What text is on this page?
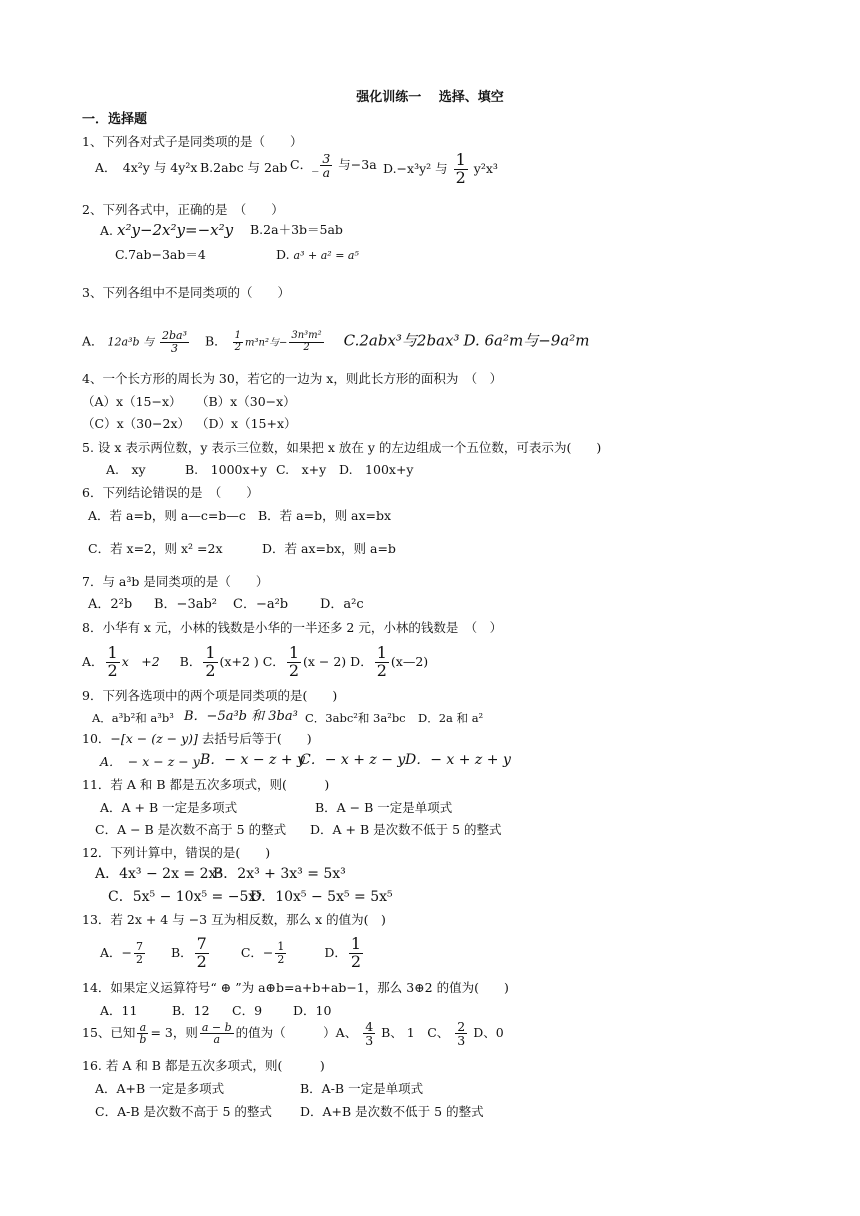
强化训练一　 选择、填空
一．选择题
1、下列各对式子是同类项的是（　　）
A．　4x²y 与 4y²x B.2abc 与 2ab C．_ $\frac{3}{a}$ 与−3a D.−x³y² 与 $\frac{1}{2} y^2x^3$
2、下列各式中，正确的是　（　　）
A. x²y−2x²y=−x²y B.2a＋3b＝5ab
C.7ab−3ab＝4	D. a³ + a² = a⁵
3、下列各组中不是同类项的（　　）
A． 12a³b 与 $\frac{\text{2ba³}}{3}$ B． $\frac{1}{2} m^3n^2$与− $\frac{\text{3n³m²}}{2} C.2abx^3$与2bax³ D. 6a²m与−9a²m
4、一个长方形的周长为 30，若它的一边为 x，则此长方形的面积为　（　）
（A）x（15−x） （B）x（30−x）
（C）x（30−2x） （D）x（15+x）
5. 设 x 表示两位数，y 表示三位数，如果把 x 放在 y 的左边组成一个五位数，可表示为(　　)
A.　xy	B.　1000x+y C.　x+y D.　100x+y
6．下列结论错误的是　（　　）
A．若 a=b，则 a—c=b—c B．若 a=b，则 ax=bx
C．若 x=2，则 x² =2x	D．若 ax=bx，则 a=b
7．与 a³b 是同类项的是（　　）
A．2²b B．−3ab² C．−a²b D．a²c
8．小华有 x 元，小林的钱数是小华的一半还多 2 元，小林的钱数是　（　）
A． $\frac{1}{2}$ x　+2 B． $\frac{1}{2} (x+2$ ) C． $\frac{1}{2} (x - 2)$ D． $\frac{1}{2}$ (x—2)
9．下列各选项中的两个项是同类项的是(　　)
A．a³b²和 a³b³ B．−5a³b 和 3ba³ C．3abc²和 3a²bc D．2a 和 a²
10．−[x − (z − y)] 去括号后等于(　　)
A．　− x − z − y B．− x − z + y
C．− x + z − y D．− x + z + y
11．若 A 和 B 都是五次多项式，则(　　　)
A．A + B 一定是多项式	B．A − B 一定是单项式
C．A − B 是次数不高于 5 的整式 D．A + B 是次数不低于 5 的整式
12．下列计算中，错误的是(　　)
A．4x³ − 2x = 2x²
B．2x³ + 3x³ = 5x³
C．5x⁵ − 10x⁵ = −5x⁵
D．10x⁵ − 5x⁵ = 5x⁵
13．若 2x + 4 与 −3 互为相反数，那么 x 的值为(　)
A．− $\frac{7}{2}$ B． $\frac{7}{2}$	C．− $\frac{1}{2}$	D． $\frac{1}{2}$
14．如果定义运算符号“ ⊕ ”为 a⊕b=a+b+ab−1，那么 3⊕2 的值为(　　)
A．11	B．12 C．9 D．10
15、已知 $\frac{a}{b} = 3$，则 $\frac{a - b}{a}$ 的值为（　　　）A、 $\frac{4}{3}$ B、 1　C、 $\frac{2}{3}$ D、0
16. 若 A 和 B 都是五次多项式，则(　　　)
A．A+B 一定是多项式	B．A-B 一定是单项式
C．A-B 是次数不高于 5 的整式 D．A+B 是次数不低于 5 的整式
